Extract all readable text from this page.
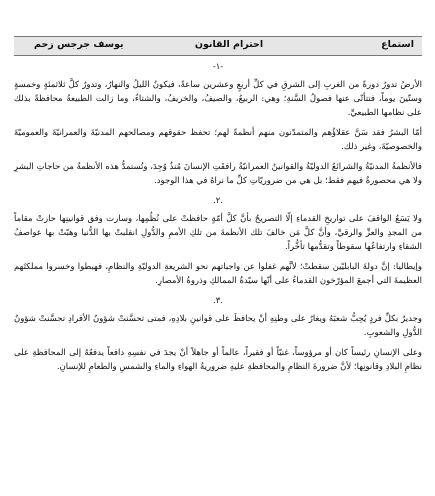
يوسف جرجس زحم	احترام القانون	استماع
-١-

الأرضُ تدورُ دورةً من الغربِ إلى الشرقِ في كلِّ أربعٍ وعشرين ساعةً، فيكونُ الليلُ والنهارُ، وتدورُ كلَّ ثلاثمئةٍ وخمسةٍ وستّينَ يوماً، فتتأتّى عنها فصولُ السَّنةِ؛ وهي: الربيعُ، والصيفُ، والخريفُ، والشتاءُ، وما زالت الطبيعةُ محافظةً بذلك على نظامها الطبيعيِّ.

أمّا البشرُ فقد سَنَّ عقلاؤُهم والمتمدّنون منهم أنظمةً لهم؛ تحفظ حقوقهم ومصالحهم المدنيّةَ والعمرانيّةَ والعموميّةَ والخصوصيّةَ، وغير ذلك.

فالأنظمةُ المدنيّةُ والشرائعُ الدوليّةُ والقوانينُ العمرانيّةُ رافقَتِ الإنسانَ مُنذُ وُجِدَ، وتُستمدُّ هذه الأنظمةُ من حاجاتِ البشرِ ولا هي محصورةٌ فيهم فقط؛ بل هي من ضروريّاتِ كلِّ ما نراهُ في هذا الوجود.

.٢.

ولا يَسَعُ الواقفَ على تواريخِ القدماءِ إلّا التصريحُ بأنَّ كلَّ أمّةٍ حافظتْ على نُظُمِها، وسارت وفق قوانينِها حازتْ مقاماً من المجدِ والعزِّ والرقيِّ، وأنَّ كلَّ مَن خالفَ تلك الأنظمةَ من تلكِ الأممِ والدُّولِ انقلبتْ بها الدُّنيا وهبّتْ بها عواصفُ الشقاءِ وارتفاعُها سقوطاً وتقدُّمها تأخُّراً.

وإيطاليا: إنَّ دولةَ البابليّين سقطتْ؛ لأنَّهم غفلوا عن واجباتهم نحو الشريعةِ الدوليّةِ والنظامِ، فهبطوا وخسروا مملكتَهم العظيمةَ التي أجمعَ المؤرّخون القدماءُ على أنّها سيّدةُ الممالكِ وذروةُ الأمصارِ.

.٣.

وجديرٌ بكلِّ فردٍ يُحِبُّ شعبَهُ ويغارُ على وطنِهِ أنْ يحافظَ على قوانينِ بلادِهِ، فمتى تحسَّنتْ شؤونُ الأفرادِ تحسَّنتْ شؤونُ الدُّولِ والشعوبِ.

وعلى الإنسانِ رئيساً كان أو مرؤوساً، غنيّاً أو فقيراً، عالماً أو جاهلاً أنْ يجدَ في نفسِهِ دافعاً يدفعُهُ إلى المحافظةِ على نظامِ البلادِ وقانونِها؛ لأنَّ ضرورةَ النظامِ والمحافظةِ عليهِ ضروريةُ الهواءِ والماءِ والشمسِ والطعامِ للإنسانِ.
